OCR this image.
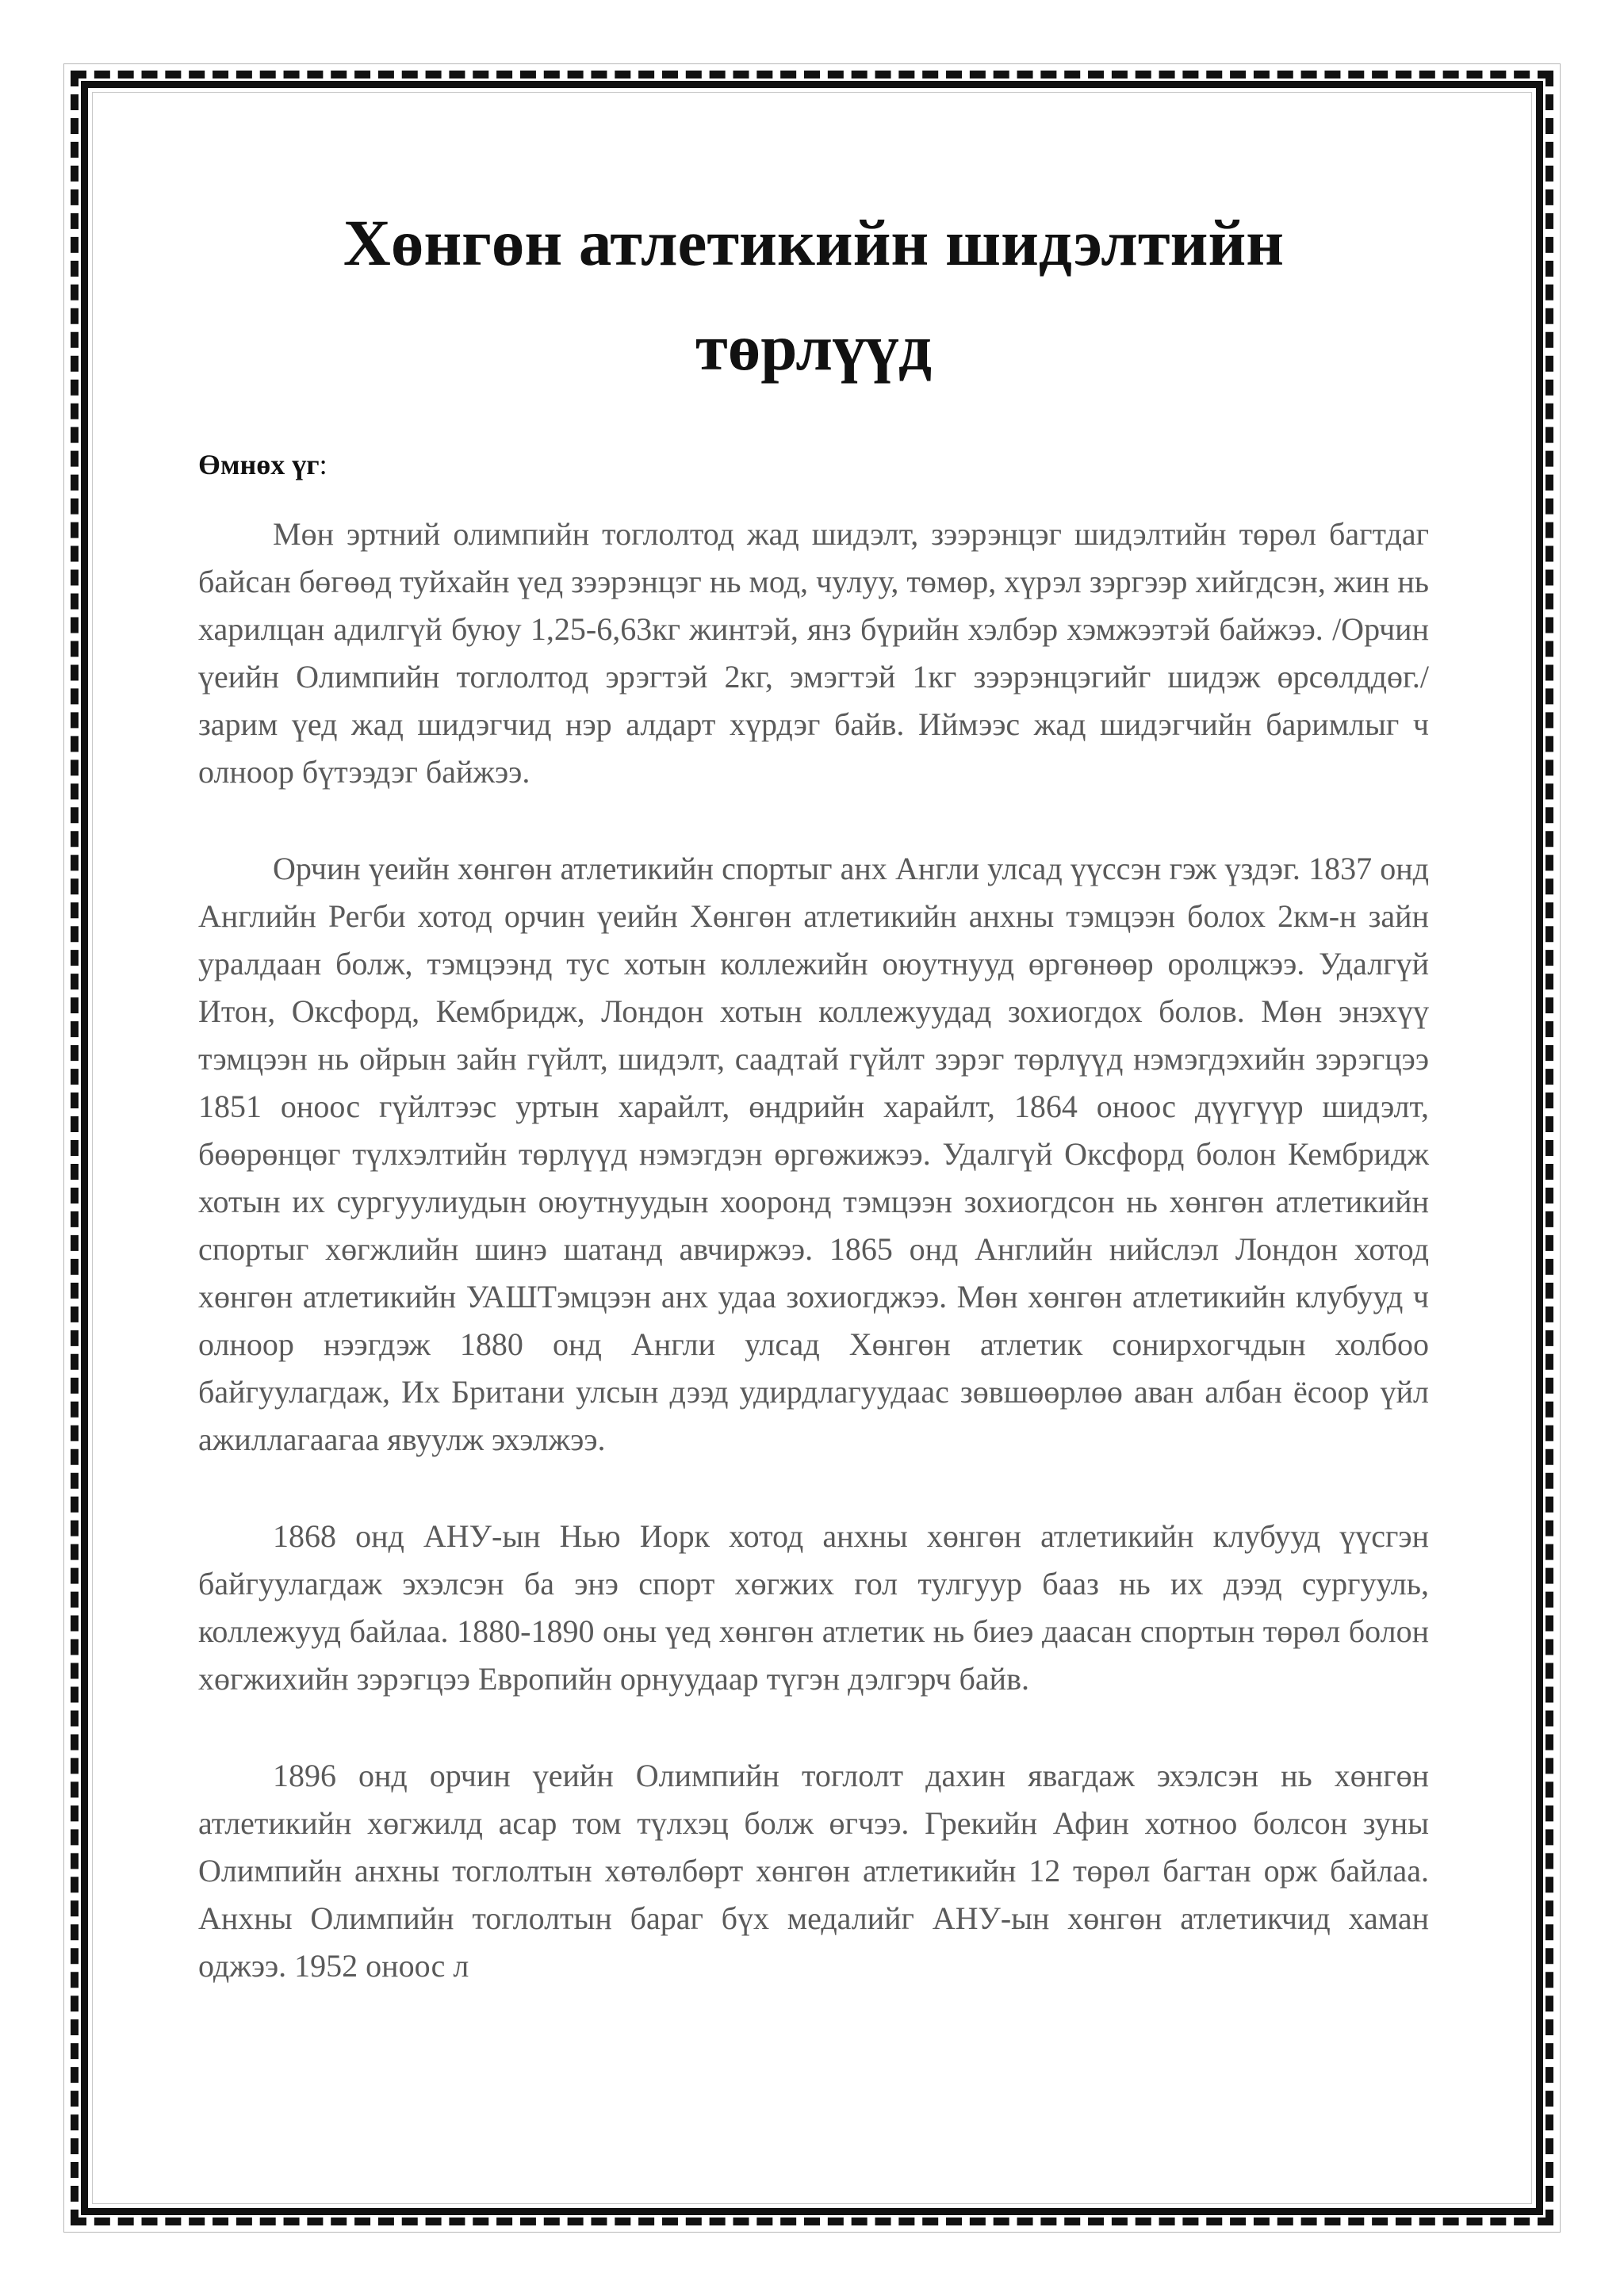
Хөнгөн атлетикийн шидэлтийн
төрлүүд

Өмнөх үг:

Мөн эртний олимпийн тоглолтод жад шидэлт, зээрэнцэг шидэлтийн төрөл багтдаг байсан бөгөөд туйхайн үед зээрэнцэг нь мод, чулуу, төмөр, хүрэл зэргээр хийгдсэн, жин нь харилцан адилгүй буюу 1,25-6,63кг жинтэй, янз бүрийн хэлбэр хэмжээтэй байжээ. /Орчин үеийн Олимпийн тоглолтод эрэгтэй 2кг, эмэгтэй 1кг зээрэнцэгийг шидэж өрсөлддөг./ зарим үед жад шидэгчид нэр алдарт хүрдэг байв. Иймээс жад шидэгчийн баримлыг ч олноор бүтээдэг байжээ.

Орчин үеийн хөнгөн атлетикийн спортыг анх Англи улсад үүссэн гэж үздэг. 1837 онд Английн Регби хотод орчин үеийн Хөнгөн атлетикийн анхны тэмцээн болох 2км-н зайн уралдаан болж, тэмцээнд тус хотын коллежийн оюутнууд өргөнөөр оролцжээ. Удалгүй Итон, Оксфорд, Кембридж, Лондон хотын коллежуудад зохиогдох болов. Мөн энэхүү тэмцээн нь ойрын зайн гүйлт, шидэлт, саадтай гүйлт зэрэг төрлүүд нэмэгдэхийн зэрэгцээ 1851 оноос гүйлтээс уртын харайлт, өндрийн харайлт, 1864 оноос дүүгүүр шидэлт, бөөрөнцөг түлхэлтийн төрлүүд нэмэгдэн өргөжижээ. Удалгүй Оксфорд болон Кембридж хотын их сургуулиудын оюутнуудын хооронд тэмцээн зохиогдсон нь хөнгөн атлетикийн спортыг хөгжлийн шинэ шатанд авчиржээ. 1865 онд Английн нийслэл Лондон хотод хөнгөн атлетикийн УАШТэмцээн анх удаа зохиогджээ. Мөн хөнгөн атлетикийн клубууд ч олноор нээгдэж 1880 онд Англи улсад Хөнгөн атлетик сонирхогчдын холбоо байгуулагдаж, Их Британи улсын дээд удирдлагуудаас зөвшөөрлөө аван албан ёсоор үйл ажиллагаагаа явуулж эхэлжээ.

1868 онд АНУ-ын Нью Иорк хотод анхны хөнгөн атлетикийн клубууд үүсгэн байгуулагдаж эхэлсэн ба энэ спорт хөгжих гол тулгуур бааз нь их дээд сургууль, коллежууд байлаа. 1880-1890 оны үед хөнгөн атлетик нь биеэ даасан спортын төрөл болон хөгжихийн зэрэгцээ Европийн орнуудаар түгэн дэлгэрч байв.

1896 онд орчин үеийн Олимпийн тоглолт дахин явагдаж эхэлсэн нь хөнгөн атлетикийн хөгжилд асар том түлхэц болж өгчээ. Грекийн Афин хотноо болсон зуны Олимпийн анхны тоглолтын хөтөлбөрт хөнгөн атлетикийн 12 төрөл багтан орж байлаа. Анхны Олимпийн тоглолтын бараг бүх медалийг АНУ-ын хөнгөн атлетикчид хаман оджээ. 1952 оноос л
